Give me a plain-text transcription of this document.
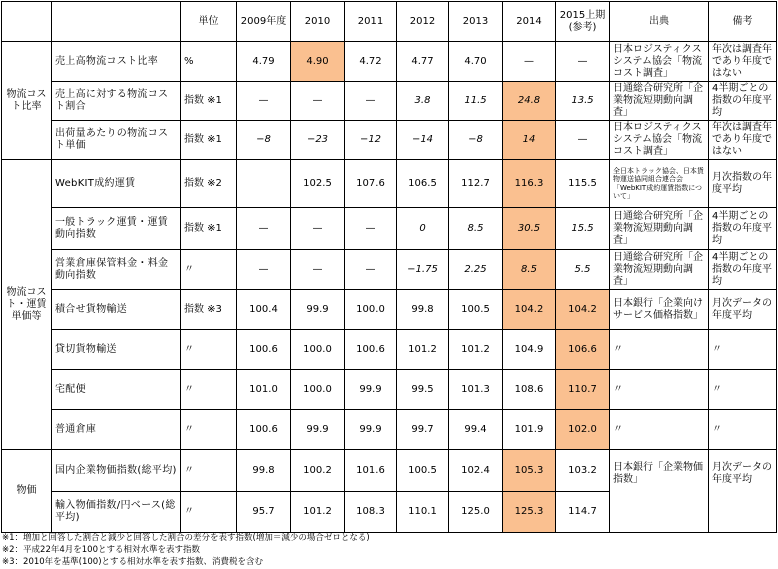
		単位	2009年度	2010	2011	2012	2013	2014	2015上期(参考)	出典	備考
物流コスト比率	売上高物流コスト比率	%	4.79	4.90	4.72	4.77	4.70	—	—	日本ロジスティクスシステム協会「物流コスト調査」	年次は調査年であり年度ではない
	売上高に対する物流コスト割合	指数 ※1	—	—	—	3.8	11.5	24.8	13.5	日通総合研究所「企業物流短期動向調査」	4半期ごとの指数の年度平均
	出荷量あたりの物流コスト単価	指数 ※1	−8	−23	−12	−14	−8	14	—	日本ロジスティクスシステム協会「物流コスト調査」	年次は調査年であり年度ではない
物流コスト・運賃単価等	WebKIT成約運賃	指数 ※2		102.5	107.6	106.5	112.7	116.3	115.5	全日本トラック協会、日本貨物運送協同組合連合会「WebKIT成約運賃指数について」	月次指数の年度平均
	一般トラック運賃・運賃動向指数	指数 ※1	—	—	—	0	8.5	30.5	15.5	日通総合研究所「企業物流短期動向調査」	4半期ごとの指数の年度平均
	営業倉庫保管料金・料金動向指数	〃	—	—	—	−1.75	2.25	8.5	5.5	日通総合研究所「企業物流短期動向調査」	4半期ごとの指数の年度平均
	積合せ貨物輸送	指数 ※3	100.4	99.9	100.0	99.8	100.5	104.2	104.2	日本銀行「企業向けサービス価格指数」	月次データの年度平均
	貸切貨物輸送	〃	100.6	100.0	100.6	101.2	101.2	104.9	106.6	〃	〃
	宅配便	〃	101.0	100.0	99.9	99.5	101.3	108.6	110.7	〃	〃
	普通倉庫	〃	100.6	99.9	99.9	99.7	99.4	101.9	102.0	〃	〃
物価	国内企業物価指数(総平均)	〃	99.8	100.2	101.6	100.5	102.4	105.3	103.2	日本銀行「企業物価指数」	月次データの年度平均
	輸入物価指数/円ベース(総平均)	〃	95.7	101.2	108.3	110.1	125.0	125.3	114.7		
※1：増加と回答した割合と減少と回答した割合の差分を表す指数(増加＝減少の場合ゼロとなる)
※2：平成22年4月を100とする相対水準を表す指数
※3：2010年を基準(100)とする相対水準を表す指数、消費税を含む
